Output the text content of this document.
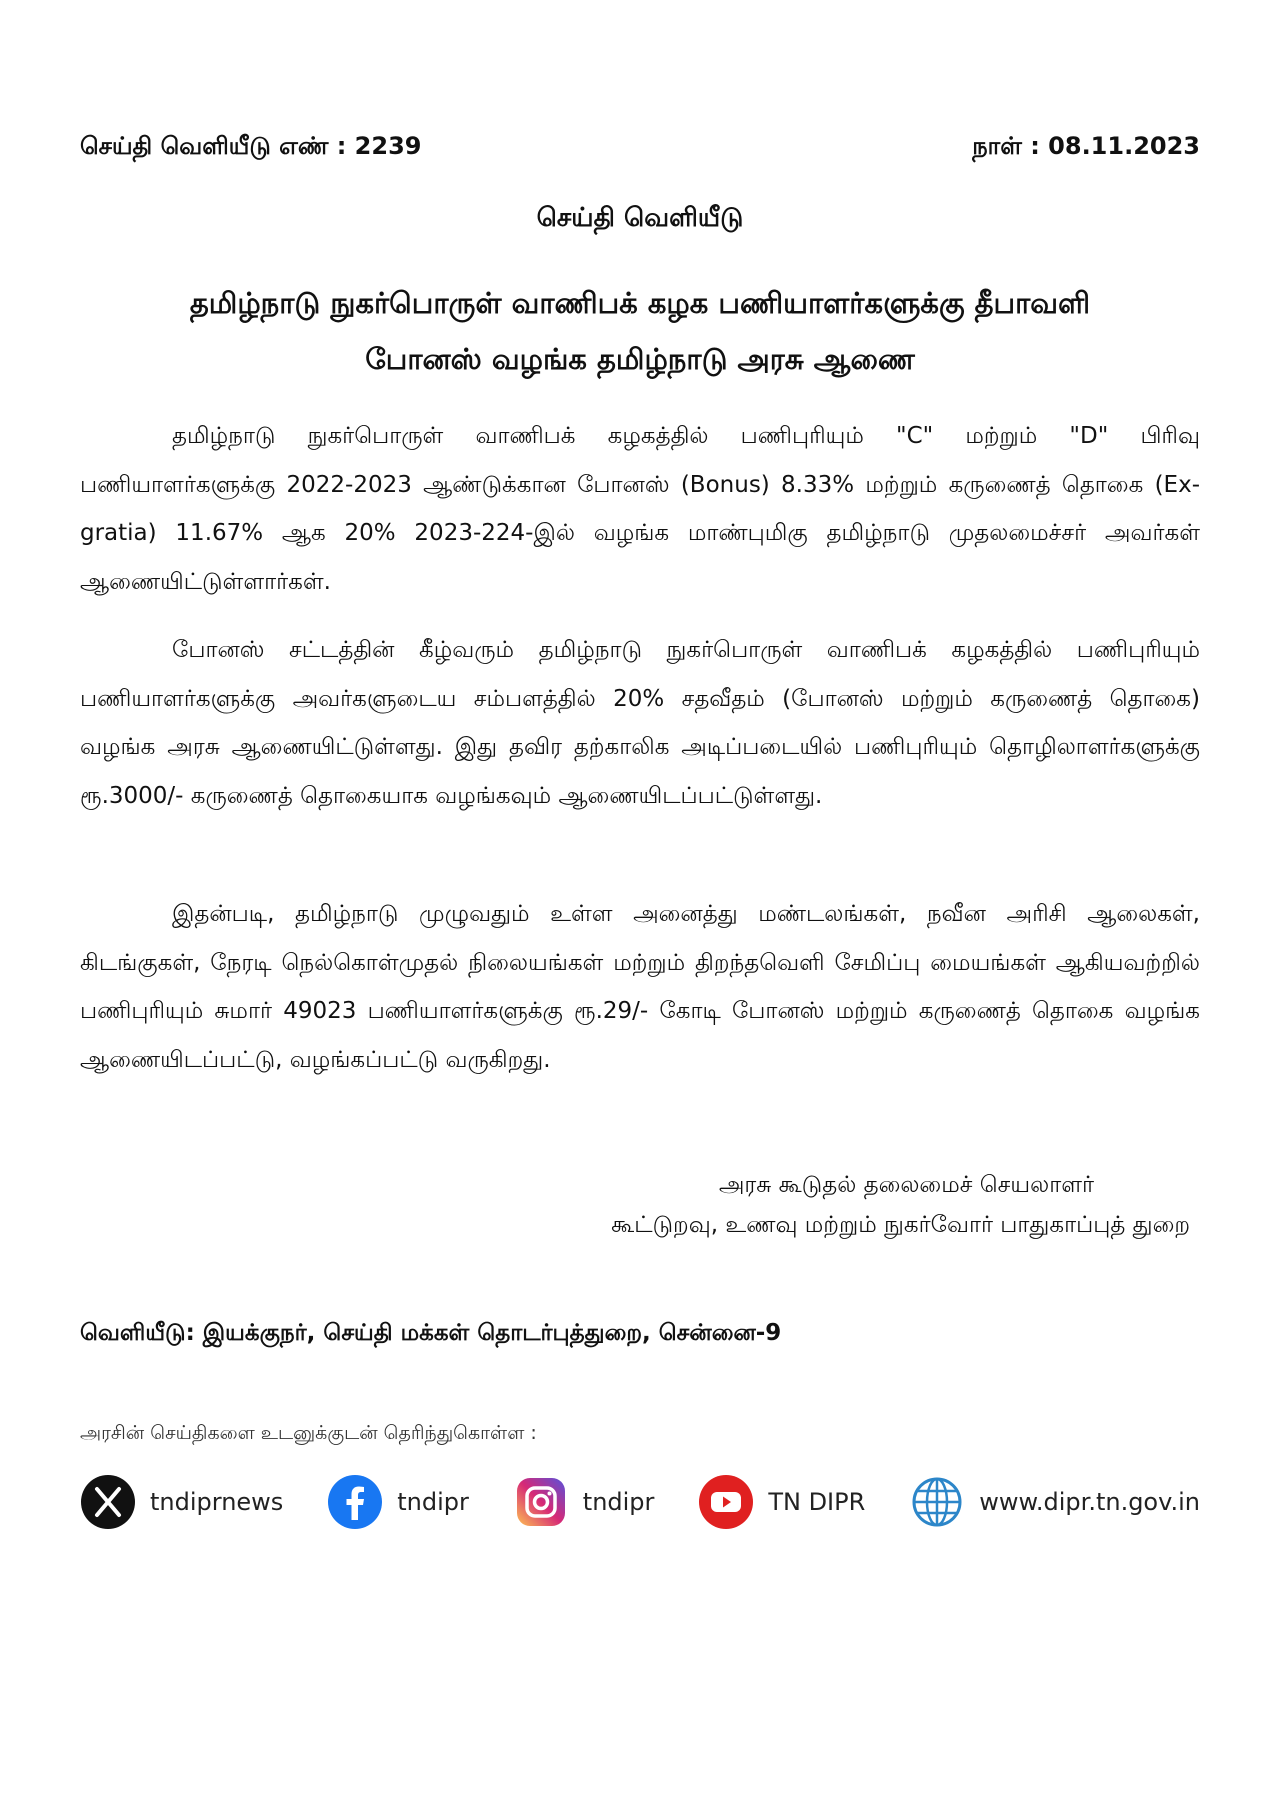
செய்தி வெளியீடு எண் : 2239	நாள் : 08.11.2023
செய்தி வெளியீடு
தமிழ்நாடு நுகர்பொருள் வாணிபக் கழக பணியாளர்களுக்கு தீபாவளி
போனஸ் வழங்க தமிழ்நாடு அரசு ஆணை

தமிழ்நாடு நுகர்பொருள் வாணிபக் கழகத்தில் பணிபுரியும் "C" மற்றும் "D" பிரிவு பணியாளர்களுக்கு 2022-2023 ஆண்டுக்கான போனஸ் (Bonus) 8.33% மற்றும் கருணைத் தொகை (Ex-gratia) 11.67% ஆக 20% 2023-224-இல் வழங்க மாண்புமிகு தமிழ்நாடு முதலமைச்சர் அவர்கள் ஆணையிட்டுள்ளார்கள்.

போனஸ் சட்டத்தின் கீழ்வரும் தமிழ்நாடு நுகர்பொருள் வாணிபக் கழகத்தில் பணிபுரியும் பணியாளர்களுக்கு அவர்களுடைய சம்பளத்தில் 20% சதவீதம் (போனஸ் மற்றும் கருணைத் தொகை) வழங்க அரசு ஆணையிட்டுள்ளது. இது தவிர தற்காலிக அடிப்படையில் பணிபுரியும் தொழிலாளர்களுக்கு ரூ.3000/- கருணைத் தொகையாக வழங்கவும் ஆணையிடப்பட்டுள்ளது.

இதன்படி, தமிழ்நாடு முழுவதும் உள்ள அனைத்து மண்டலங்கள், நவீன அரிசி ஆலைகள், கிடங்குகள், நேரடி நெல்கொள்முதல் நிலையங்கள் மற்றும் திறந்தவெளி சேமிப்பு மையங்கள் ஆகியவற்றில் பணிபுரியும் சுமார் 49023 பணியாளர்களுக்கு ரூ.29/- கோடி போனஸ் மற்றும் கருணைத் தொகை வழங்க ஆணையிடப்பட்டு, வழங்கப்பட்டு வருகிறது.

அரசு கூடுதல் தலைமைச் செயலாளர்
கூட்டுறவு, உணவு மற்றும் நுகர்வோர் பாதுகாப்புத் துறை
வெளியீடு: இயக்குநர், செய்தி மக்கள் தொடர்புத்துறை, சென்னை-9
அரசின் செய்திகளை உடனுக்குடன் தெரிந்துகொள்ள :
tndiprnews	tndipr	tndipr	TN DIPR	www.dipr.tn.gov.in
